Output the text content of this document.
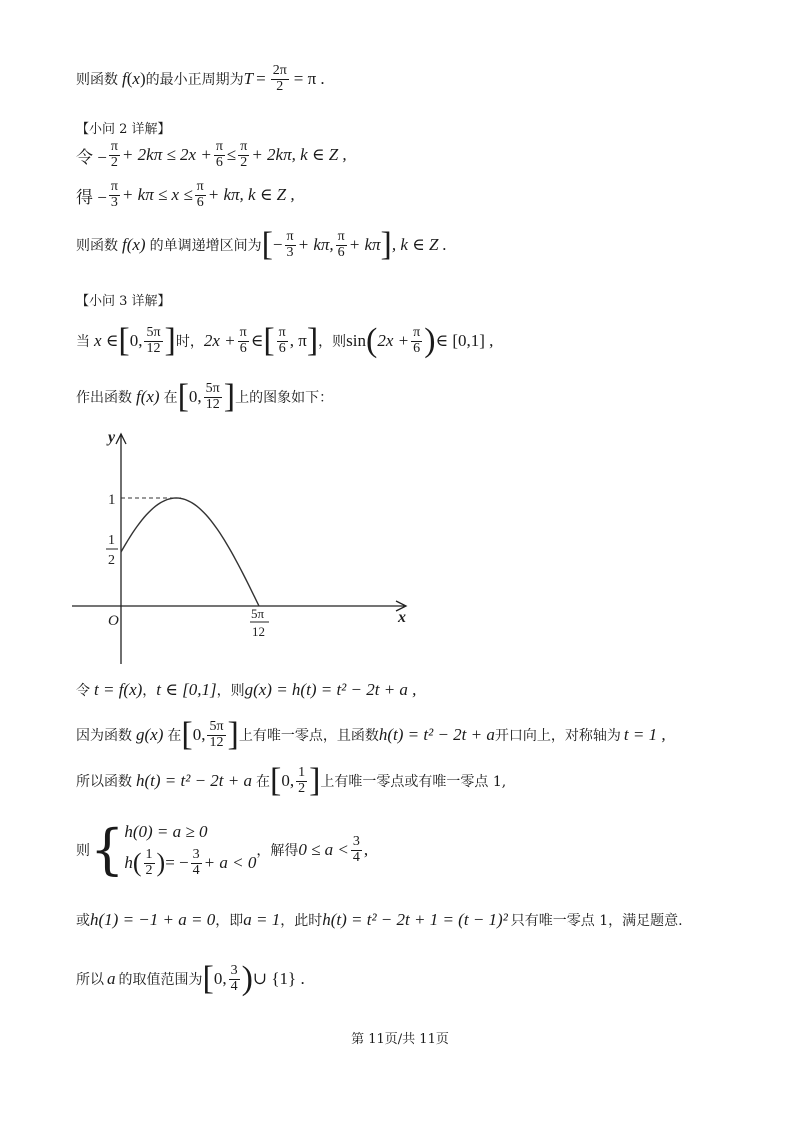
则函数 f ( x ) 的最小正周期为 $T = \frac{2\pi}{2} = \pi$ .
【小问 2 详解】
令 − $\frac{\pi}{2} + 2k\pi \le 2x + \frac{\pi}{6} \le \frac{\pi}{2} + 2k\pi$, k ∈ Z ,
得 − $\frac{\pi}{3} + k\pi \le x \le \frac{\pi}{6} + k\pi$, k ∈ Z ,
则函数 f(x) 的单调递增区间为 [ − $\frac{\pi}{3} + k\pi$, $\frac{\pi}{6} + k\pi$ ] , k ∈ Z .
【小问 3 详解】
当 x ∈ [ 0, $\frac{5\pi}{12}$ ] 时， $2x + \frac{\pi}{6}$ ∈ [ $\frac{\pi}{6}$ , π ] ，则 sin ( $2x + \frac{\pi}{6}$ ) ∈ [0,1] ,
作出函数 f(x) 在 [ 0, $\frac{5\pi}{12}$ ] 上的图象如下：
y
x
O
1
1
2
5π
12
令 t = f(x) ， t ∈ [0,1] ，则 g(x) = h(t) = t² − 2t + a ,
因为函数 g(x) 在 [ 0, $\frac{5\pi}{12}$ ] 上有唯一零点，且函数 h(t) = t² − 2t + a 开口向上，对称轴为 t = 1 ,
所以函数 h(t) = t² − 2t + a 在 [ 0, $\frac{1}{2}$ ] 上有唯一零点或有唯一零点 1,
则 { h(0) = a ≥ 0
h ( $\frac{1}{2}$ ) = − $\frac{3}{4} + a < 0$
，解得 $0 \le a < \frac{3}{4}$ ,
或 h(1) = −1 + a = 0 ，即 a = 1 ，此时 h(t) = t² − 2t + 1 = (t − 1)² 只有唯一零点 1，满足题意.
所以 a 的取值范围为 [ 0, $\frac{3}{4}$ ) ∪ {1} .
第 11页/共 11页
